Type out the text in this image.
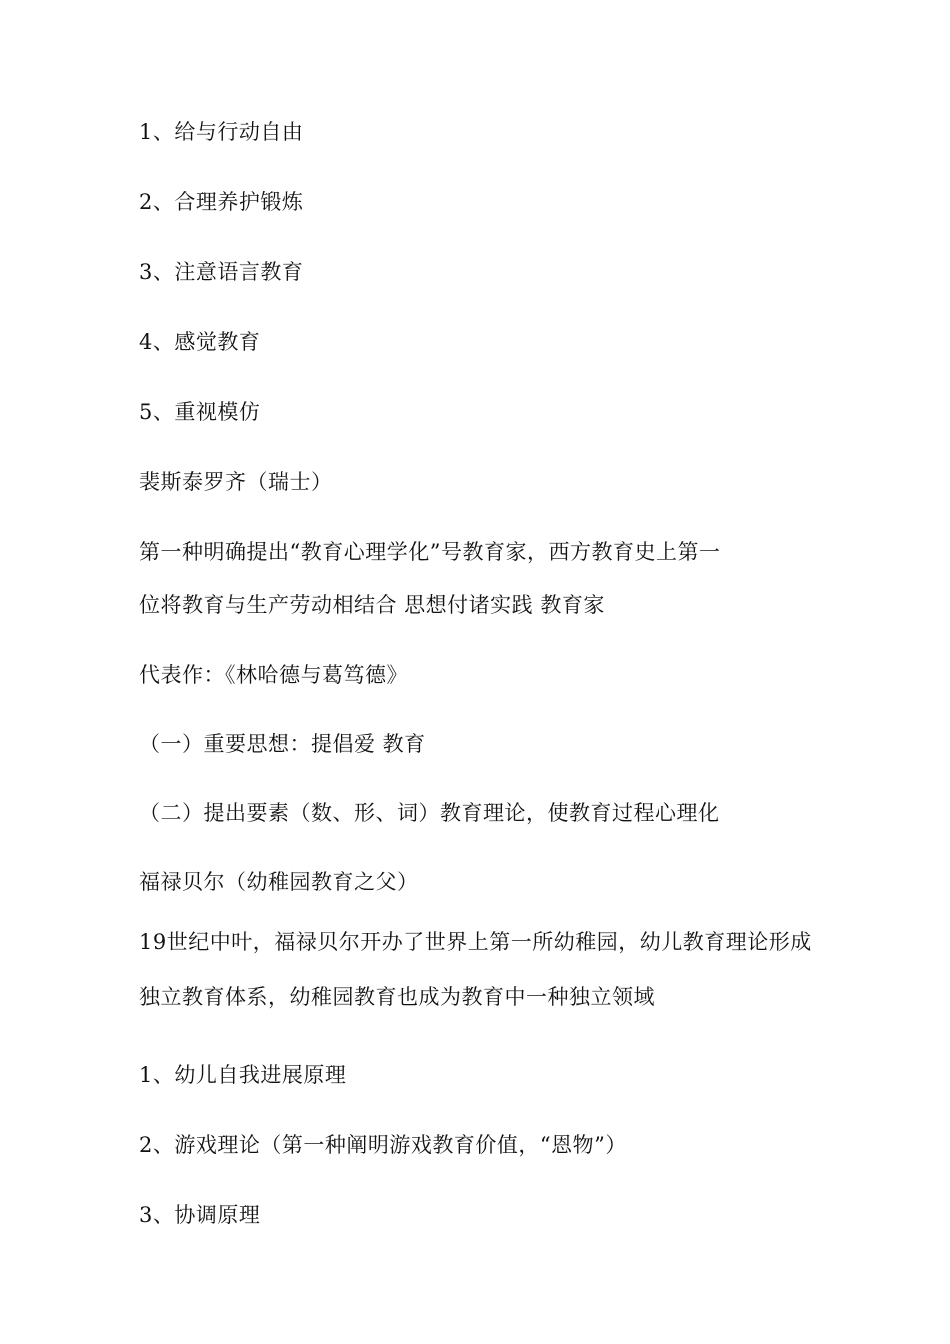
1、给与行动自由
2、合理养护锻炼
3、注意语言教育
4、感觉教育
5、重视模仿
裴斯泰罗齐（瑞士）
第一种明确提出“教育心理学化”号教育家，西方教育史上第一
位将教育与生产劳动相结合 思想付诸实践 教育家
代表作：《林哈德与葛笃德》
（一）重要思想：提倡爱 教育
（二）提出要素（数、形、词）教育理论，使教育过程心理化
福禄贝尔（幼稚园教育之父）
19世纪中叶，福禄贝尔开办了世界上第一所幼稚园，幼儿教育理论形成
独立教育体系，幼稚园教育也成为教育中一种独立领域
1、幼儿自我进展原理
2、游戏理论（第一种阐明游戏教育价值，“恩物”）
3、协调原理
